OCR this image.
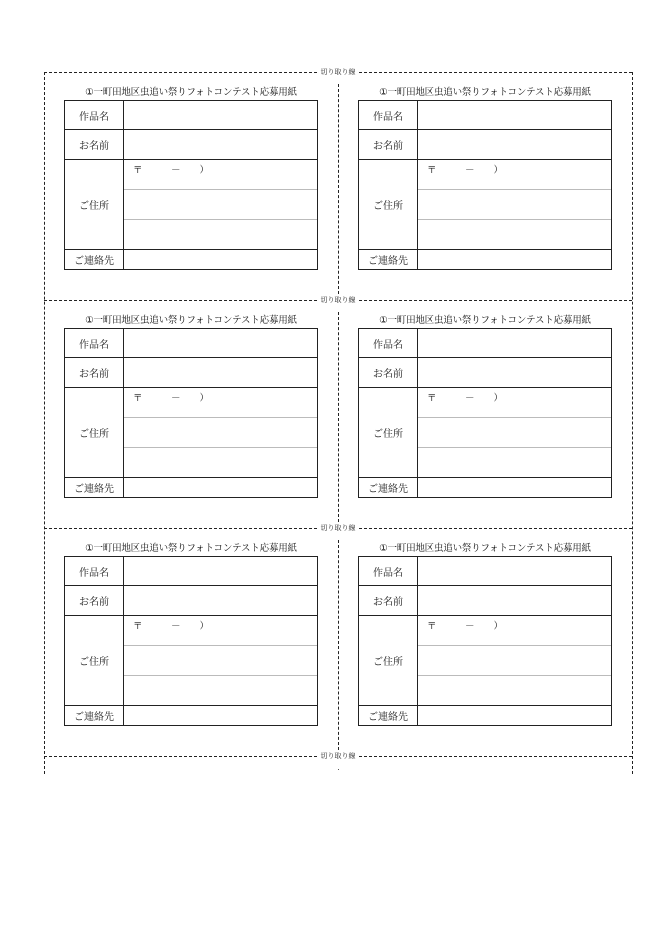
切り取り線
切り取り線
切り取り線
切り取り線
①一町田地区虫追い祭りフォトコンテスト応募用紙
作品名
お名前
ご住所
〒　　　－　　）
ご連絡先
①一町田地区虫追い祭りフォトコンテスト応募用紙
作品名
お名前
ご住所
〒　　　－　　）
ご連絡先
①一町田地区虫追い祭りフォトコンテスト応募用紙
作品名
お名前
ご住所
〒　　　－　　）
ご連絡先
①一町田地区虫追い祭りフォトコンテスト応募用紙
作品名
お名前
ご住所
〒　　　－　　）
ご連絡先
①一町田地区虫追い祭りフォトコンテスト応募用紙
作品名
お名前
ご住所
〒　　　－　　）
ご連絡先
①一町田地区虫追い祭りフォトコンテスト応募用紙
作品名
お名前
ご住所
〒　　　－　　）
ご連絡先
